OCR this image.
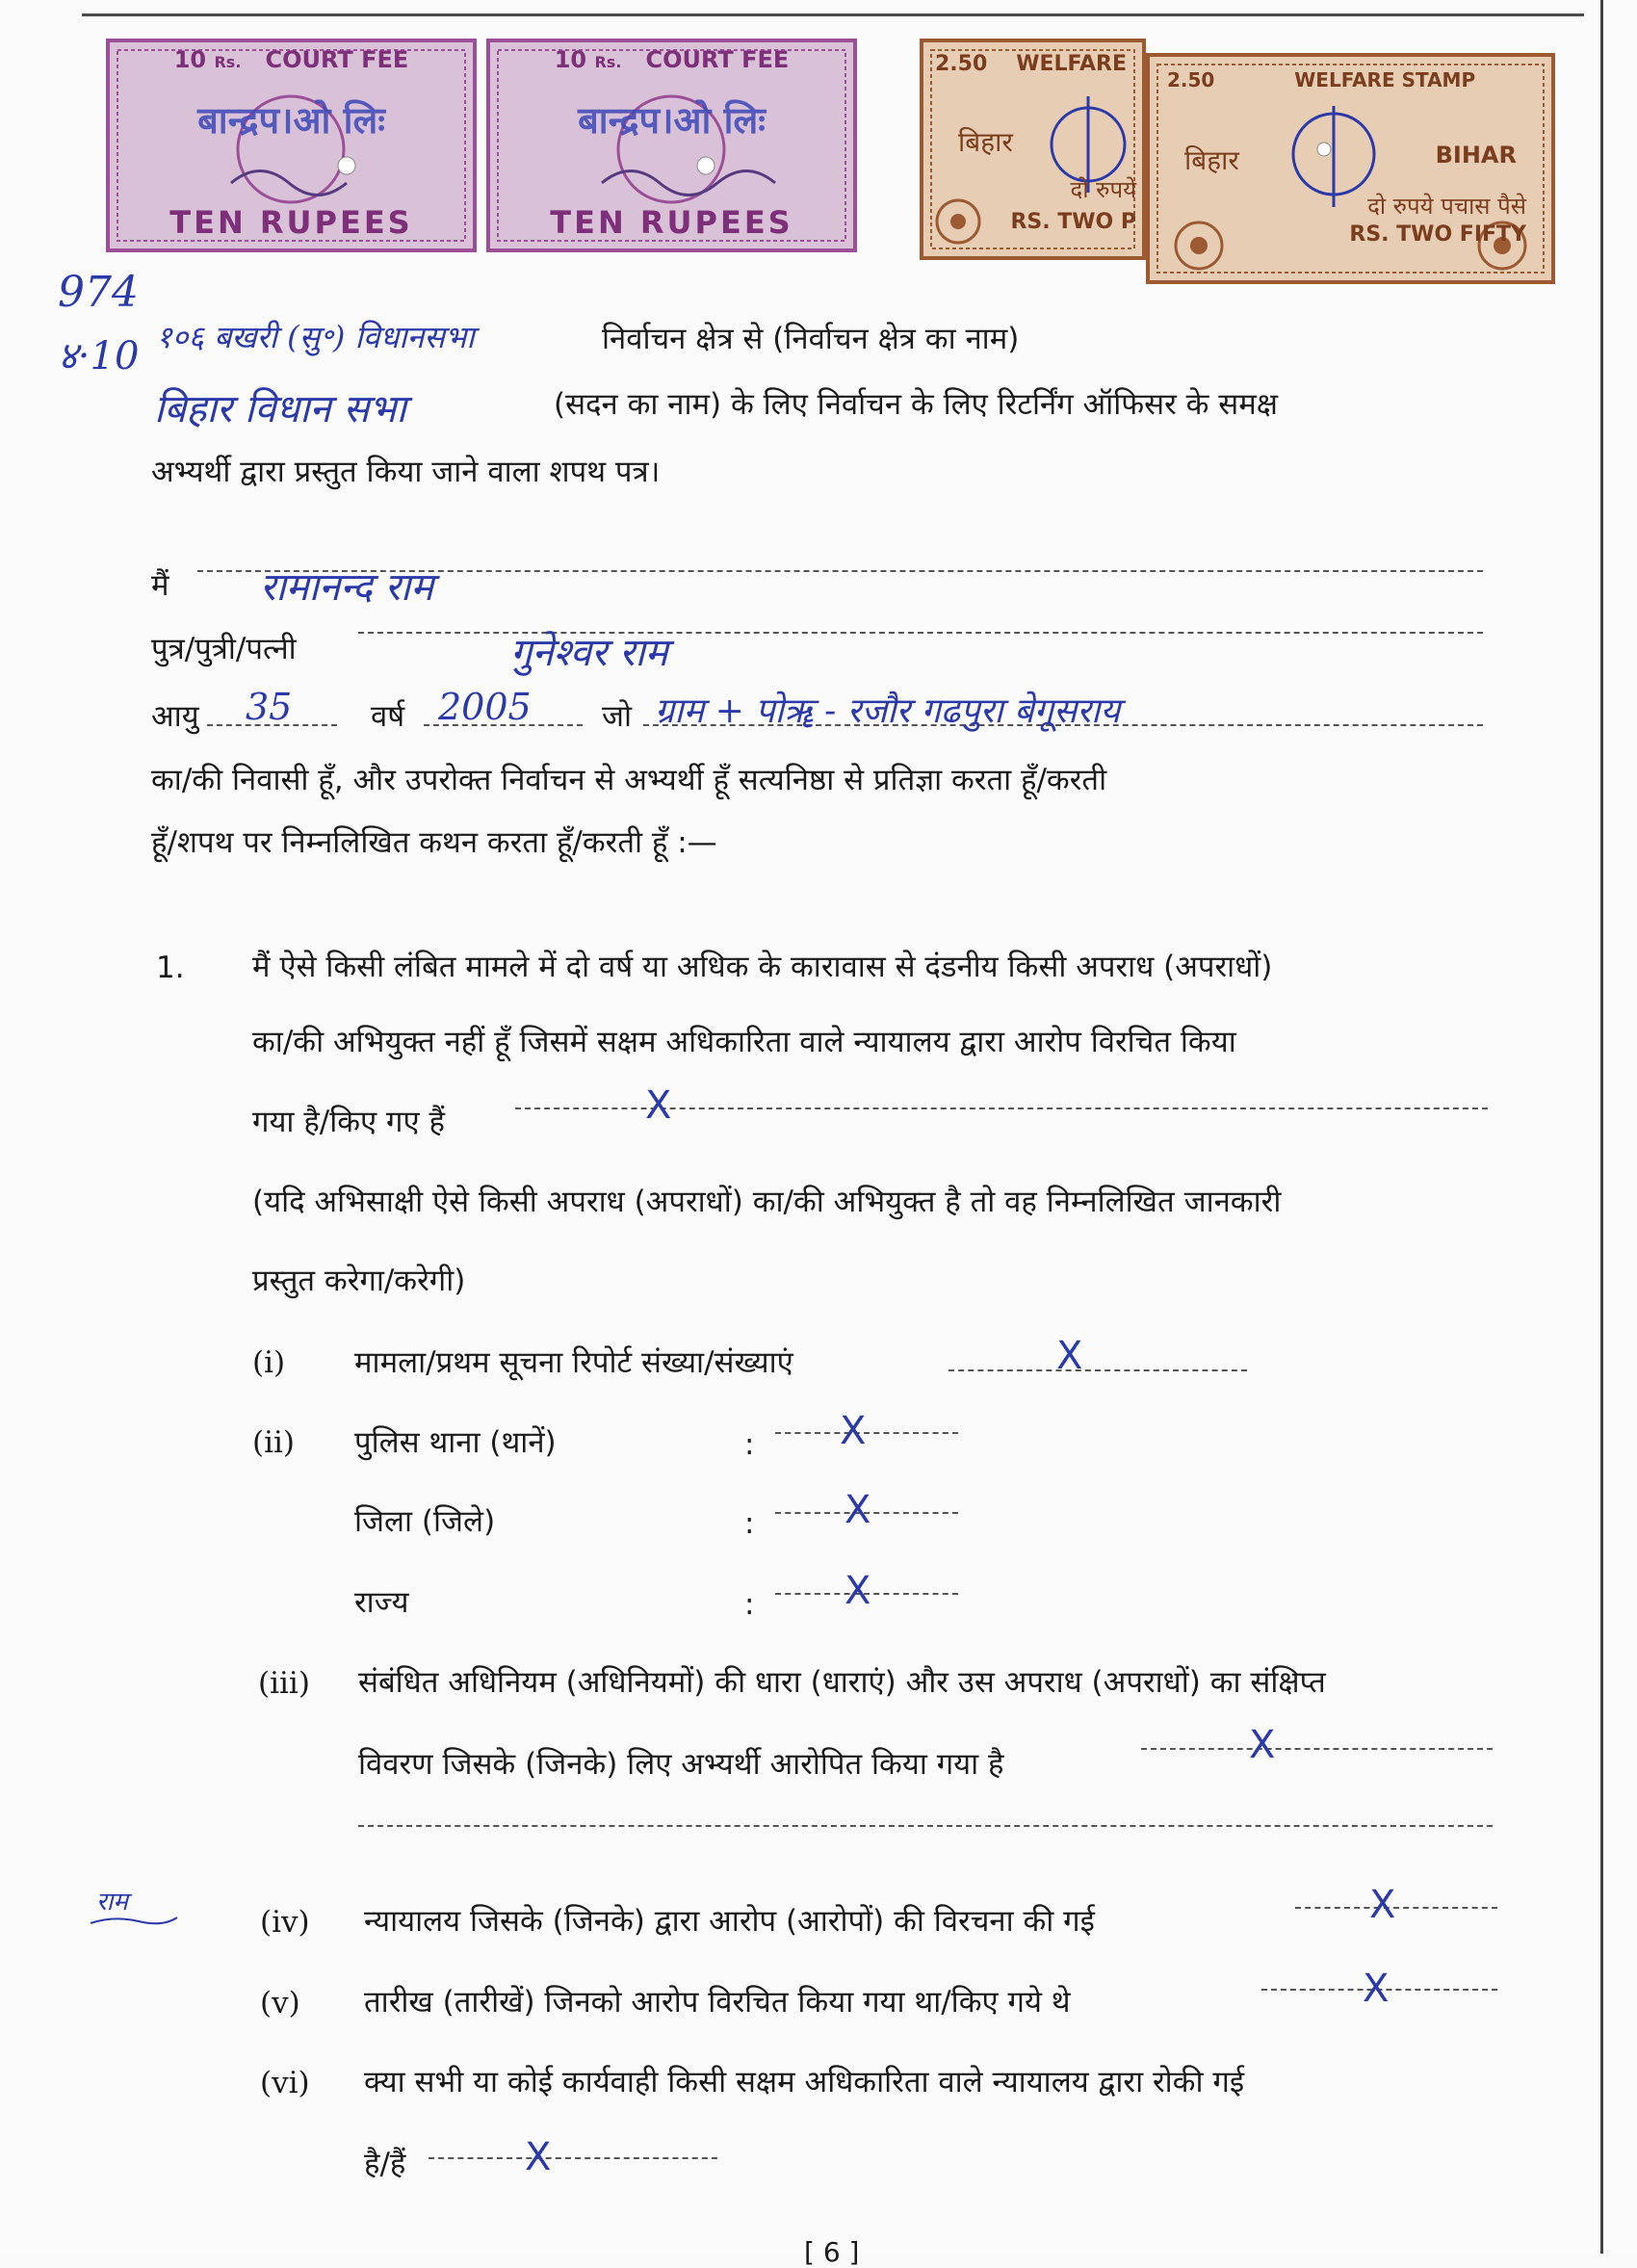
10 Rs. COURT FEE
बान्द्रप।ओ लिः
TEN RUPEES
10 Rs. COURT FEE
बान्द्रप।ओ लिः
TEN RUPEES
2.50 WELFARE
बिहार
दो रुपये
RS. TWO P
2.50	WELFARE STAMP
बिहार	BIHAR
दो रुपये पचास पैसे
RS. TWO FIFTY
974
४·10 १०६ बखरी (सु॰) विधानसभा	निर्वाचन क्षेत्र से (निर्वाचन क्षेत्र का नाम)
बिहार विधान सभा	(सदन का नाम) के लिए निर्वाचन के लिए रिटर्निंग ऑफिसर के समक्ष
अभ्यर्थी द्वारा प्रस्तुत किया जाने वाला शपथ पत्र।
मैं रामानन्द राम
पुत्र/पुत्री/पत्नी	गुनेश्वर राम
आयु 35	वर्ष 2005 जो ग्राम + पोॠ - रजौर गढपुरा बेगूसराय
का/की निवासी हूँ, और उपरोक्त निर्वाचन से अभ्यर्थी हूँ सत्यनिष्ठा से प्रतिज्ञा करता हूँ/करती
हूँ/शपथ पर निम्नलिखित कथन करता हूँ/करती हूँ :—
1. मैं ऐसे किसी लंबित मामले में दो वर्ष या अधिक के कारावास से दंडनीय किसी अपराध (अपराधों)
का/की अभियुक्त नहीं हूँ जिसमें सक्षम अधिकारिता वाले न्यायालय द्वारा आरोप विरचित किया
गया है/किए गए हैं	X
(यदि अभिसाक्षी ऐसे किसी अपराध (अपराधों) का/की अभियुक्त है तो वह निम्नलिखित जानकारी
प्रस्तुत करेगा/करेगी)
(i) मामला/प्रथम सूचना रिपोर्ट संख्या/संख्याएं	X
(ii) पुलिस थाना (थानें)	: X
जिला (जिले)	: X
राज्य	: X
(iii) संबंधित अधिनियम (अधिनियमों) की धारा (धाराएं) और उस अपराध (अपराधों) का संक्षिप्त
विवरण जिसके (जिनके) लिए अभ्यर्थी आरोपित किया गया है	X
राम
(iv) न्यायालय जिसके (जिनके) द्वारा आरोप (आरोपों) की विरचना की गई	X
(v) तारीख (तारीखें) जिनको आरोप विरचित किया गया था/किए गये थे	X
(vi) क्या सभी या कोई कार्यवाही किसी सक्षम अधिकारिता वाले न्यायालय द्वारा रोकी गई
है/हैं	X
[ 6 ]
